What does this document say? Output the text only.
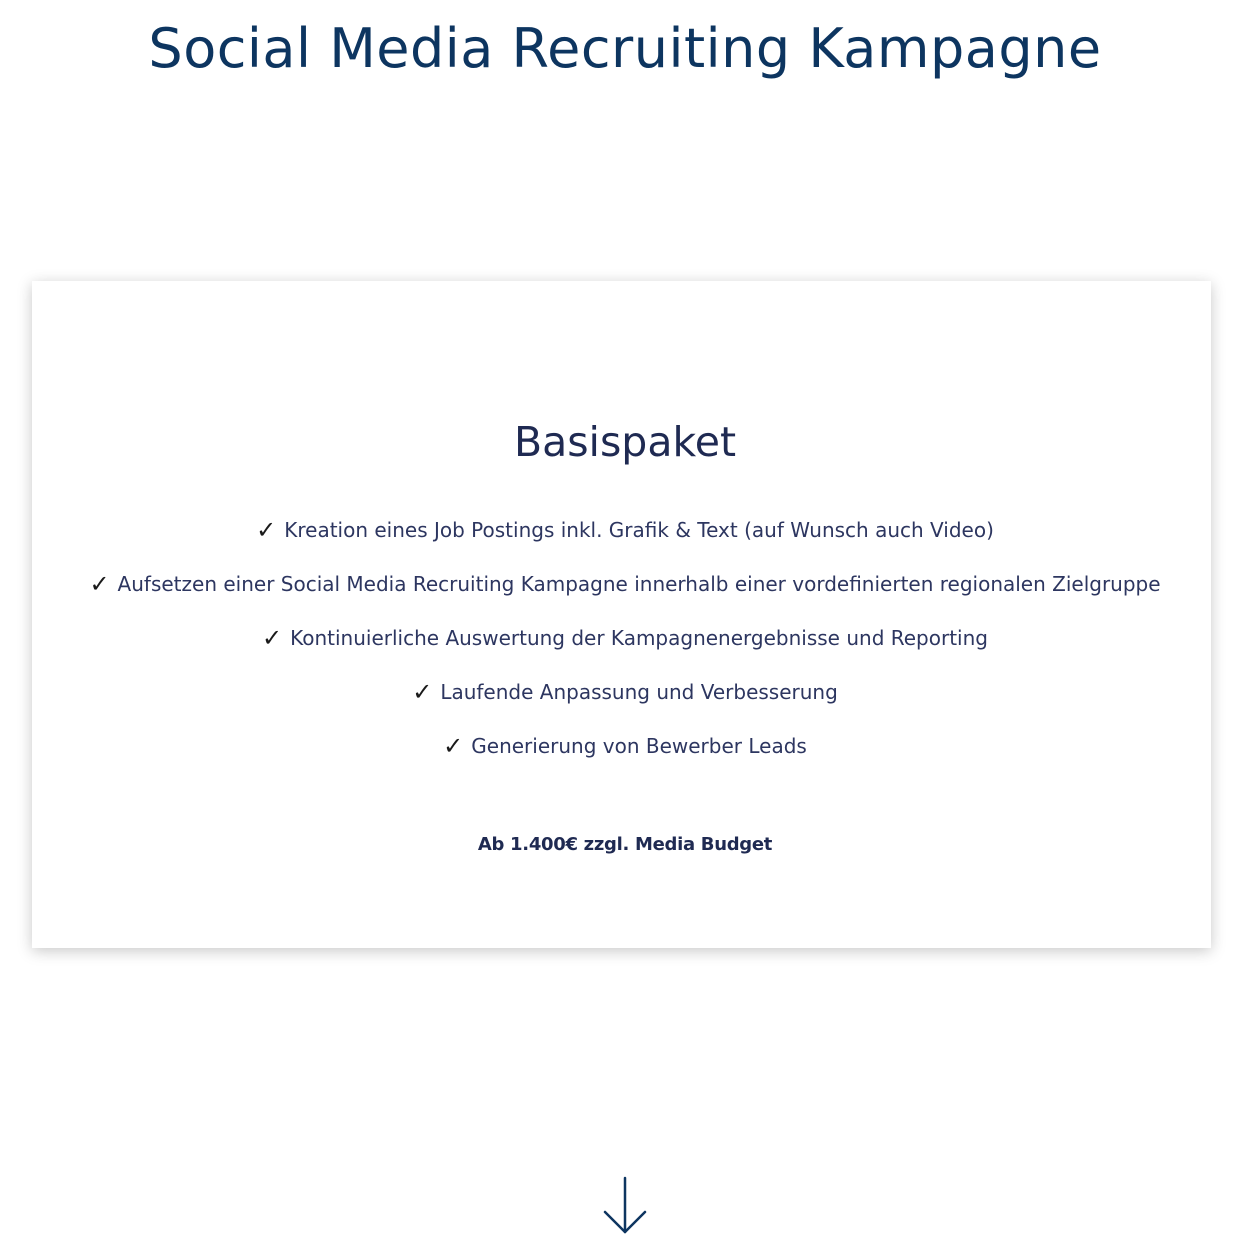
Social Media Recruiting Kampagne
Basispaket
✓ Kreation eines Job Postings inkl. Grafik & Text (auf Wunsch auch Video)
✓ Aufsetzen einer Social Media Recruiting Kampagne innerhalb einer vordefinierten regionalen Zielgruppe
✓ Kontinuierliche Auswertung der Kampagnenergebnisse und Reporting
✓ Laufende Anpassung und Verbesserung
✓ Generierung von Bewerber Leads
Ab 1.400€ zzgl. Media Budget
